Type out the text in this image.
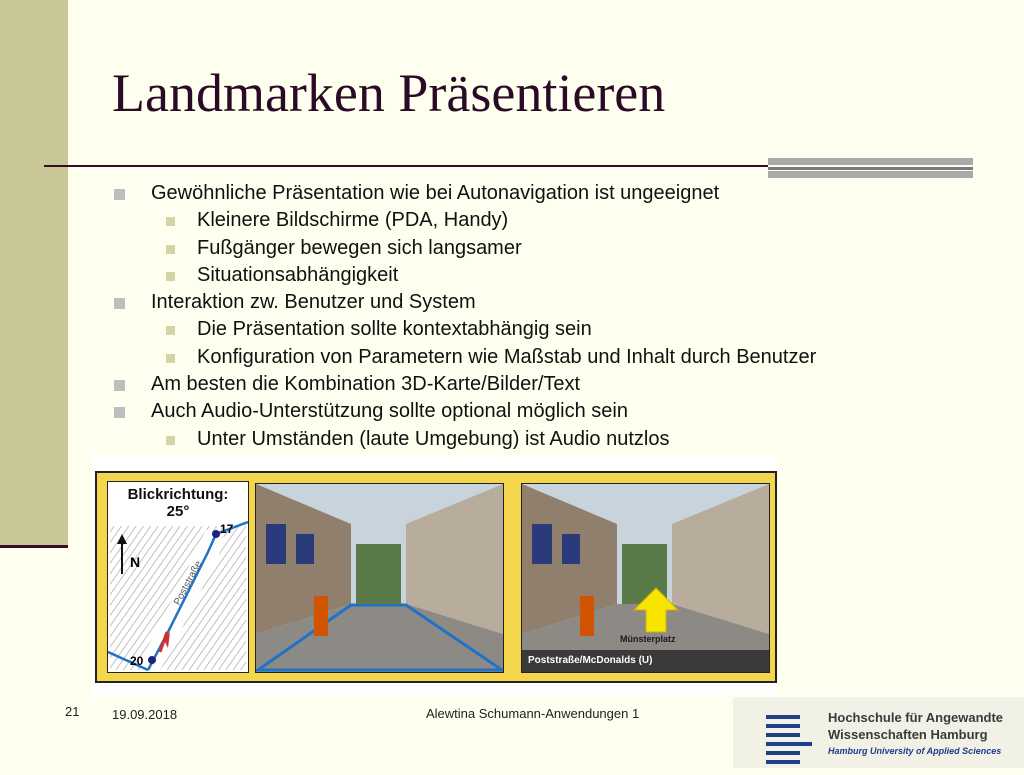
Landmarken Präsentieren
Gewöhnliche Präsentation wie bei Autonavigation ist ungeeignet
Kleinere Bildschirme (PDA, Handy)
Fußgänger bewegen sich langsamer
Situationsabhängigkeit
Interaktion zw. Benutzer und System
Die Präsentation sollte kontextabhängig sein
Konfiguration von Parametern wie Maßstab und Inhalt durch Benutzer
Am besten die Kombination 3D-Karte/Bilder/Text
Auch Audio-Unterstützung sollte optional möglich sein
Unter Umständen (laute Umgebung) ist Audio nutzlos
Blickrichtung:
25°
N
17
20
Poststraße
Münsterplatz
Poststraße/McDonalds (U)
21	19.09.2018	Alewtina Schumann-Anwendungen 1	Hochschule für Angewandte
Wissenschaften Hamburg
Hamburg University of Applied Sciences
